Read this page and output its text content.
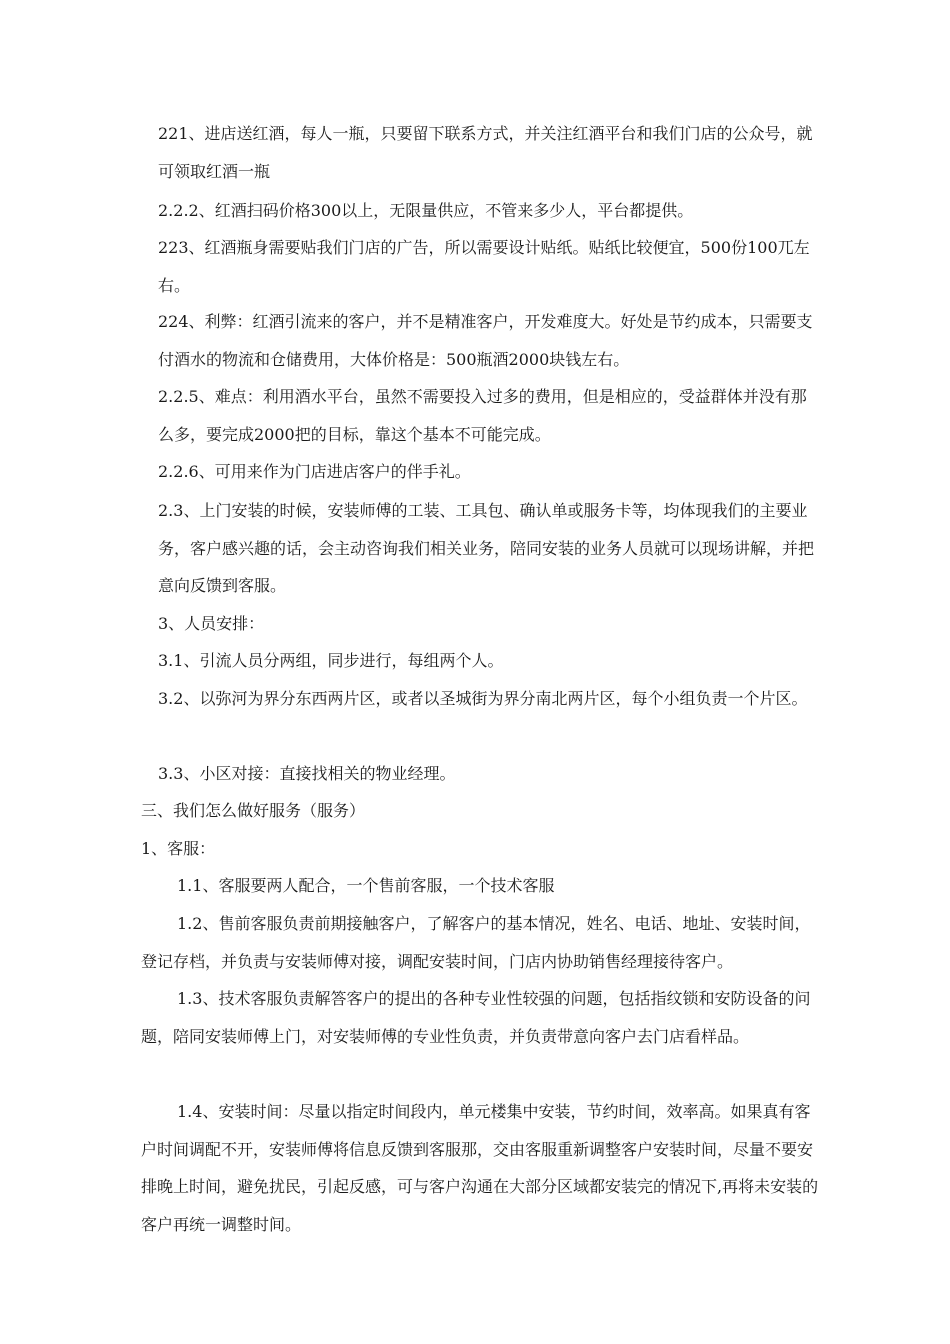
221、进店送红酒，每人一瓶，只要留下联系方式，并关注红酒平台和我们门店的公众号，就可领取红酒一瓶

2.2.2、红酒扫码价格300以上，无限量供应，不管来多少人，平台都提供。

223、红酒瓶身需要贴我们门店的广告，所以需要设计贴纸。贴纸比较便宜，500份100兀左右。

224、利弊：红酒引流来的客户，并不是精准客户，开发难度大。好处是节约成本，只需要支付酒水的物流和仓储费用，大体价格是：500瓶酒2000块钱左右。

2.2.5、难点：利用酒水平台，虽然不需要投入过多的费用，但是相应的，受益群体并没有那么多，要完成2000把的目标，靠这个基本不可能完成。

2.2.6、可用来作为门店进店客户的伴手礼。

2.3、上门安装的时候，安装师傅的工装、工具包、确认单或服务卡等，均体现我们的主要业务，客户感兴趣的话，会主动咨询我们相关业务，陪同安装的业务人员就可以现场讲解，并把意向反馈到客服。

3、人员安排：

3.1、引流人员分两组，同步进行，每组两个人。

3.2、以弥河为界分东西两片区，或者以圣城街为界分南北两片区，每个小组负责一个片区。

3.3、小区对接：直接找相关的物业经理。

三、我们怎么做好服务（服务）

1、客服：

1.1、客服要两人配合，一个售前客服，一个技术客服

1.2、售前客服负责前期接触客户，了解客户的基本情况，姓名、电话、地址、安装时间，登记存档，并负责与安装师傅对接，调配安装时间，门店内协助销售经理接待客户。

1.3、技术客服负责解答客户的提出的各种专业性较强的问题，包括指纹锁和安防设备的问题，陪同安装师傅上门，对安装师傅的专业性负责，并负责带意向客户去门店看样品。

1.4、安装时间：尽量以指定时间段内，单元楼集中安装，节约时间，效率高。如果真有客户时间调配不开，安装师傅将信息反馈到客服那，交由客服重新调整客户安装时间，尽量不要安排晚上时间，避免扰民，引起反感，可与客户沟通在大部分区域都安装完的情况下,再将未安装的客户再统一调整时间。
